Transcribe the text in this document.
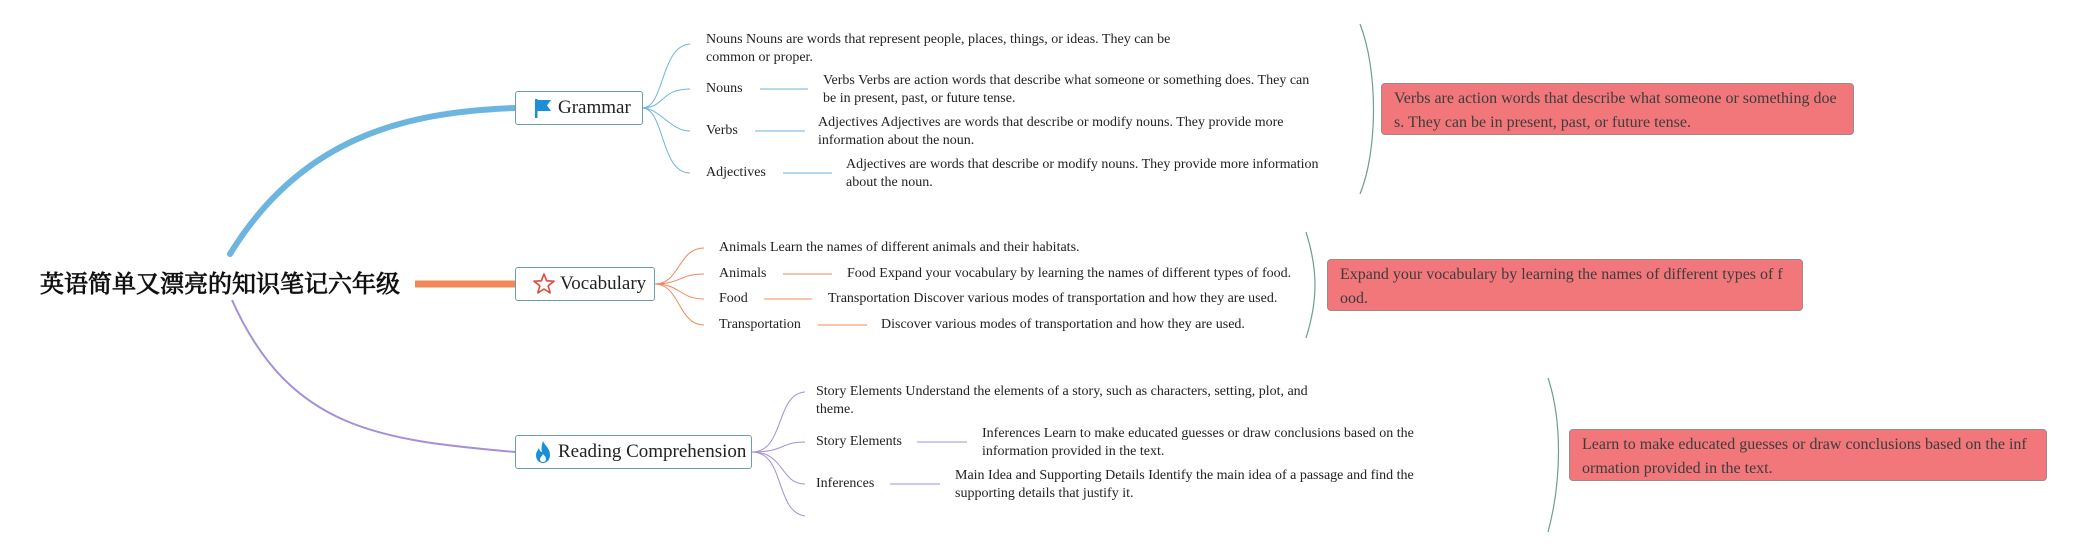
英语简单又漂亮的知识笔记六年级
Grammar
Nouns Nouns are words that represent people, places, things, or ideas. They can be common or proper.
Nouns
Verbs Verbs are action words that describe what someone or something does. They can be in present, past, or future tense.
Verbs
Adjectives Adjectives are words that describe or modify nouns. They provide more information about the noun.
Adjectives
Adjectives are words that describe or modify nouns. They provide more information about the noun.
Verbs are action words that describe what someone or something does. They can be in present, past, or future tense.
Vocabulary
Animals Learn the names of different animals and their habitats.
Animals	Food Expand your vocabulary by learning the names of different types of food.
Food	Transportation Discover various modes of transportation and how they are used.
Transportation	Discover various modes of transportation and how they are used.
Expand your vocabulary by learning the names of different types of food.
Reading Comprehension
Story Elements Understand the elements of a story, such as characters, setting, plot, and theme.
Story Elements
Inferences Learn to make educated guesses or draw conclusions based on the information provided in the text.
Inferences
Main Idea and Supporting Details Identify the main idea of a passage and find the supporting details that justify it.
Learn to make educated guesses or draw conclusions based on the information provided in the text.
